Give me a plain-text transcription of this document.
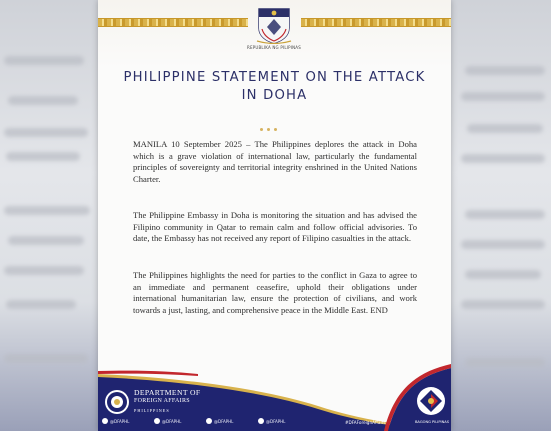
REPUBLIKA NG PILIPINAS
PHILIPPINE STATEMENT ON THE ATTACK
IN DOHA
MANILA 10 September 2025 – The Philippines deplores the attack in Doha which is a grave violation of international law, particularly the fundamental principles of sovereignty and territorial integrity enshrined in the United Nations Charter.
The Philippine Embassy in Doha is monitoring the situation and has advised the Filipino community in Qatar to remain calm and follow official advisories. To date, the Embassy has not received any report of Filipino casualties in the attack.
The Philippines highlights the need for parties to the conflict in Gaza to agree to an immediate and permanent ceasefire, uphold their obligations under international humanitarian law, ensure the protection of civilians, and work towards a just, lasting, and comprehensive peace in the Middle East. END
DEPARTMENT OF
FOREIGN AFFAIRS
PHILIPPINES
@DFAPHL	@DFAPHL	@DFAPHL	@DFAPHL	#DFAForeignAffairs	BAGONG PILIPINAS
